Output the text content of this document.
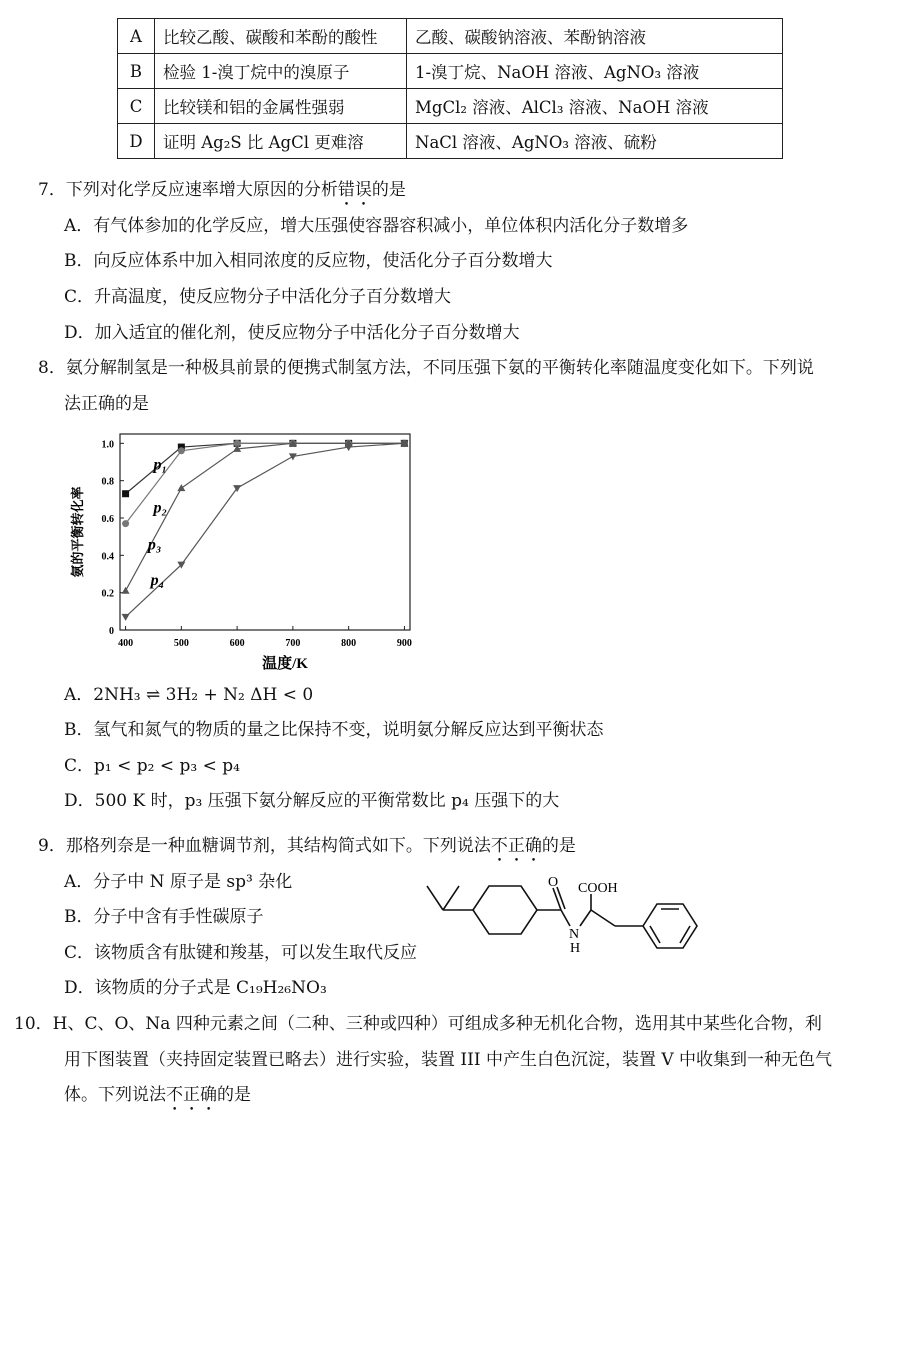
A	比较乙酸、碳酸和苯酚的酸性	乙酸、碳酸钠溶液、苯酚钠溶液
B	检验 1-溴丁烷中的溴原子	1-溴丁烷、NaOH 溶液、AgNO₃ 溶液
C	比较镁和铝的金属性强弱	MgCl₂ 溶液、AlCl₃ 溶液、NaOH 溶液
D	证明 Ag₂S 比 AgCl 更难溶	NaCl 溶液、AgNO₃ 溶液、硫粉
7．下列对化学反应速率增大原因的分析错误的是
A．有气体参加的化学反应，增大压强使容器容积减小，单位体积内活化分子数增多
B．向反应体系中加入相同浓度的反应物，使活化分子百分数增大
C．升高温度，使反应物分子中活化分子百分数增大
D．加入适宜的催化剂，使反应物分子中活化分子百分数增大
8．氨分解制氢是一种极具前景的便携式制氢方法，不同压强下氨的平衡转化率随温度变化如下。下列说
法正确的是
400	500	600	700	800	900
0
0.2
0.4
0.6
0.8
1.0
温度/K
氨的平衡转化率
p₁
p₂
p₃
p₄
A．2NH₃ ⇌ 3H₂ + N₂ ΔH < 0
B．氢气和氮气的物质的量之比保持不变，说明氨分解反应达到平衡状态
C．p₁ < p₂ < p₃ < p₄
D．500 K 时，p₃ 压强下氨分解反应的平衡常数比 p₄ 压强下的大
9．那格列奈是一种血糖调节剂，其结构简式如下。下列说法不正确的是
A．分子中 N 原子是 sp³ 杂化
B．分子中含有手性碳原子
C．该物质含有肽键和羧基，可以发生取代反应
D．该物质的分子式是 C₁₉H₂₆NO₃
O
N
H
COOH
10．H、C、O、Na 四种元素之间（二种、三种或四种）可组成多种无机化合物，选用其中某些化合物，利
用下图装置（夹持固定装置已略去）进行实验，装置 III 中产生白色沉淀，装置 V 中收集到一种无色气
体。下列说法不正确的是
